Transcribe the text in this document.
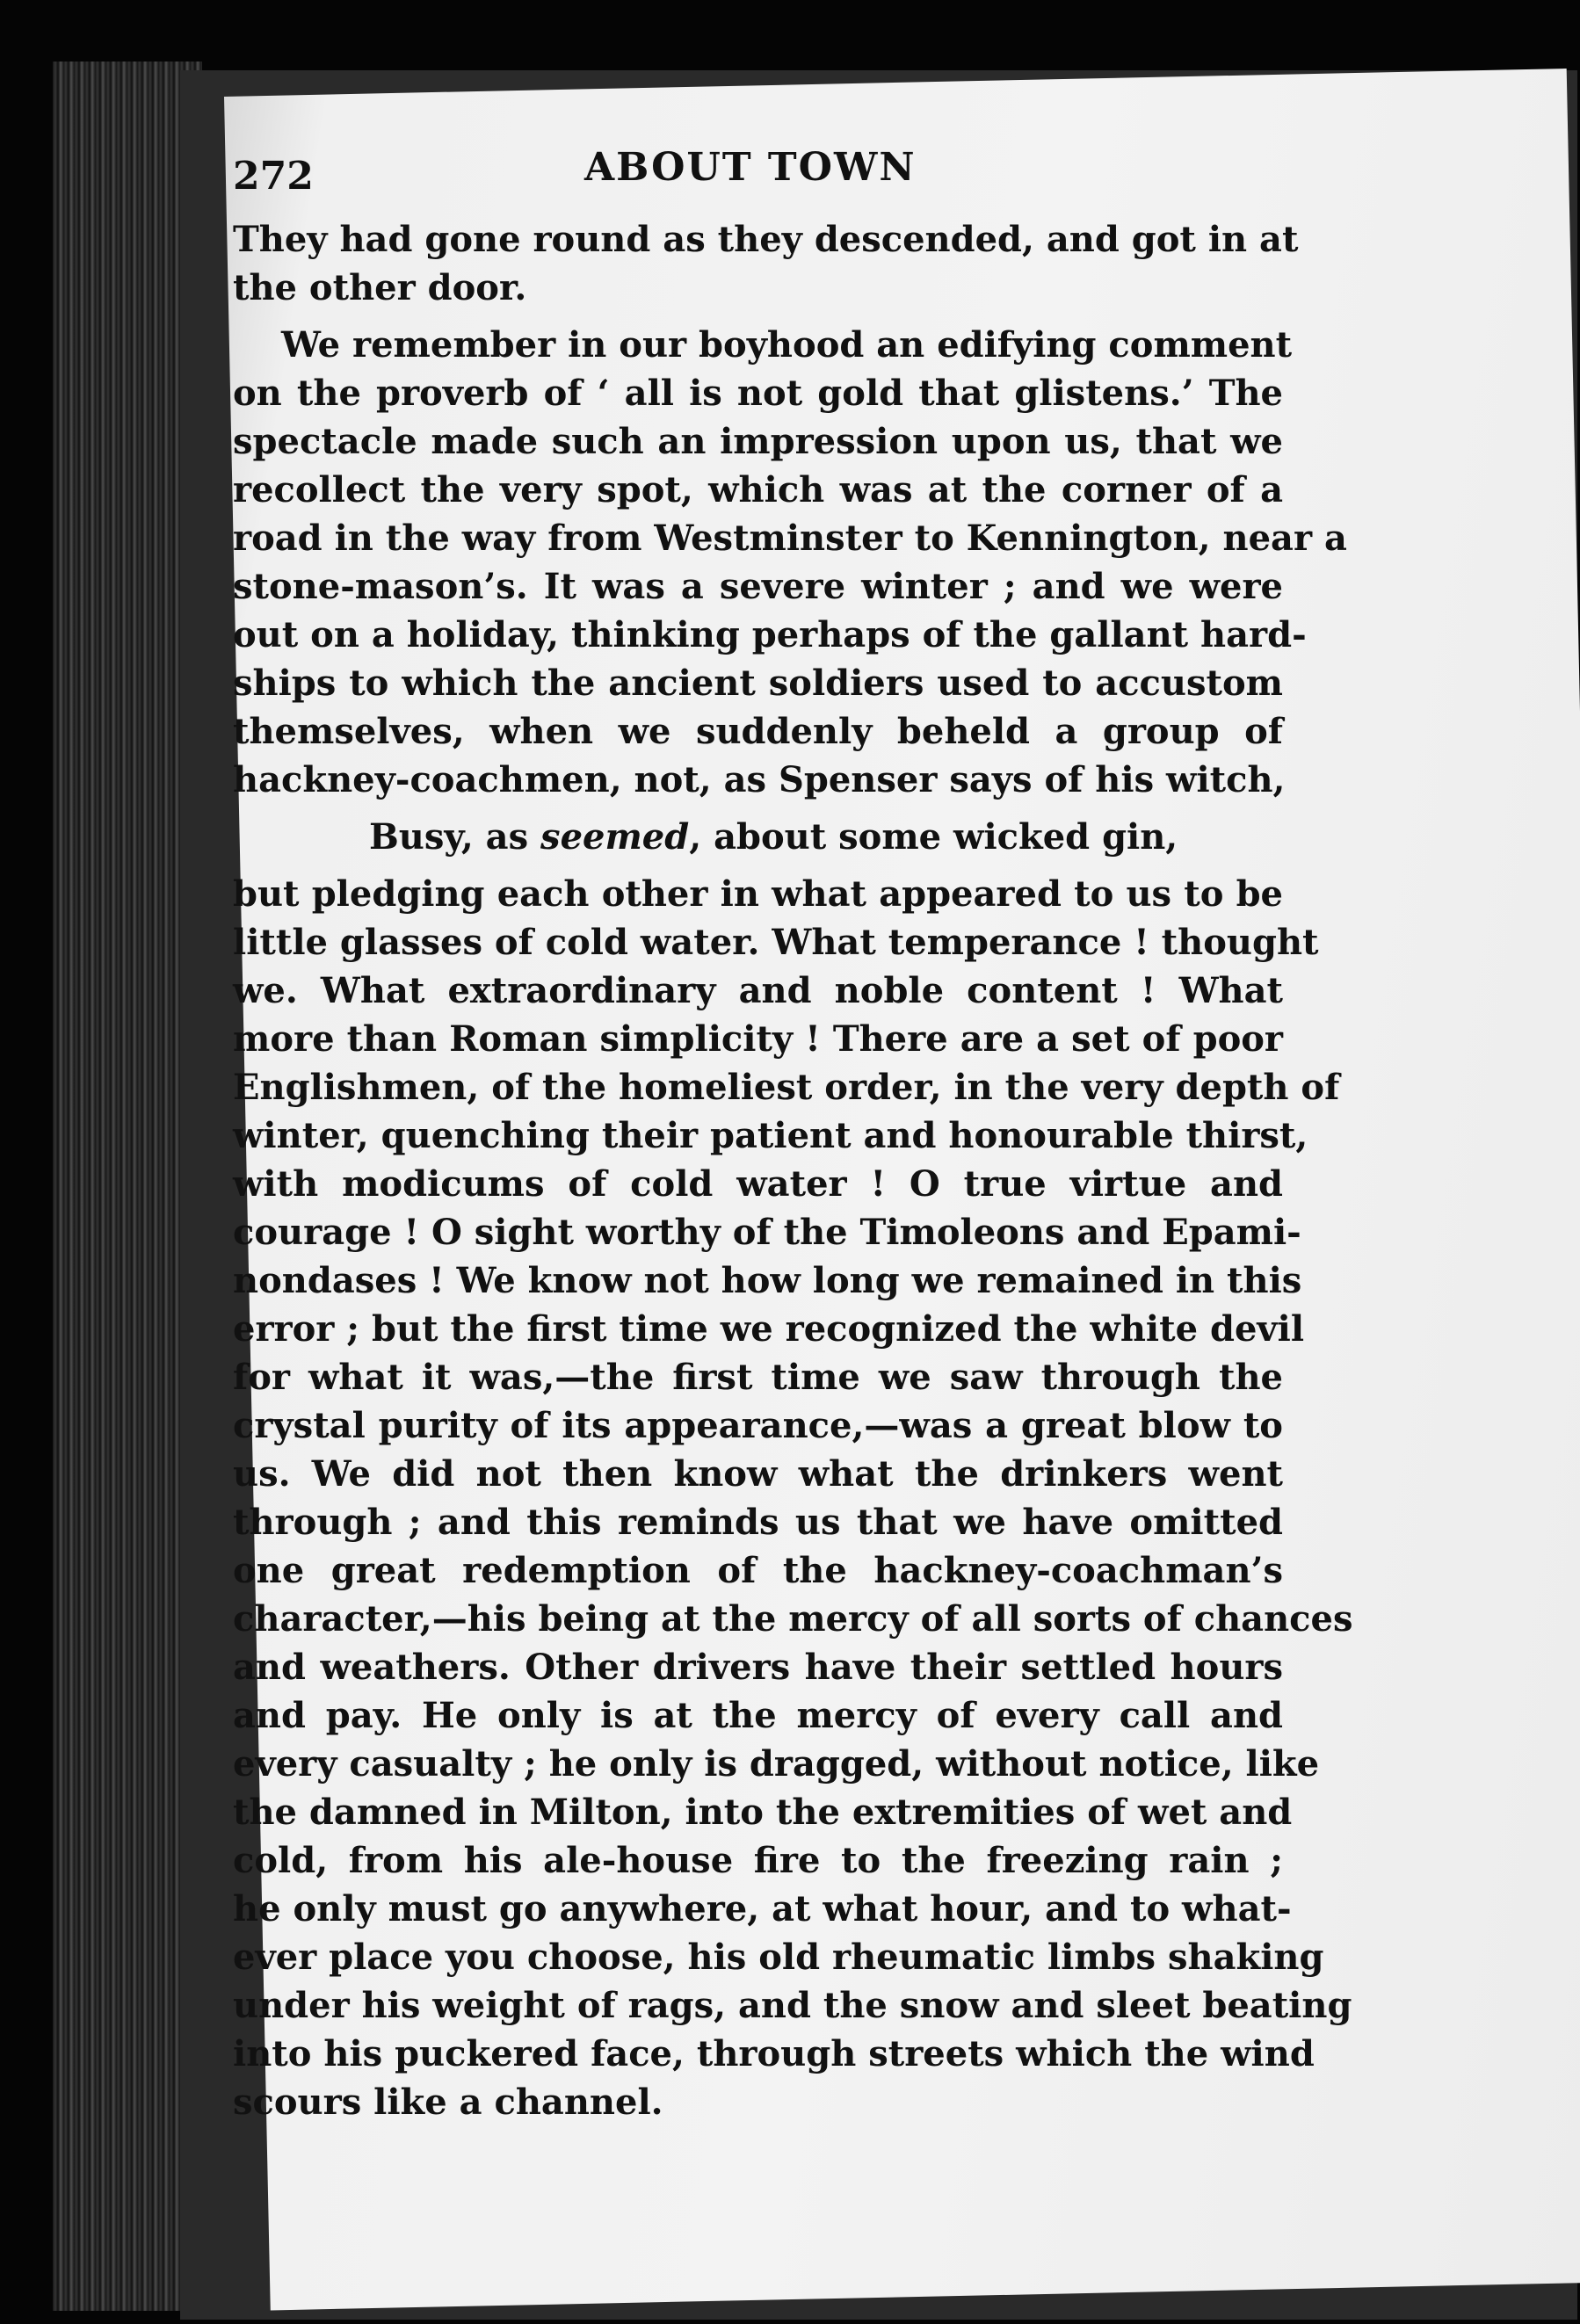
272	ABOUT TOWN
They had gone round as they descended, and got in at
the other door.
We remember in our boyhood an edifying comment
on the proverb of ‘ all is not gold that glistens.’ The
spectacle made such an impression upon us, that we
recollect the very spot, which was at the corner of a
road in the way from Westminster to Kennington, near a
stone-mason’s. It was a severe winter ; and we were
out on a holiday, thinking perhaps of the gallant hard-
ships to which the ancient soldiers used to accustom
themselves, when we suddenly beheld a group of
hackney-coachmen, not, as Spenser says of his witch,
Busy, as seemed, about some wicked gin,
but pledging each other in what appeared to us to be
little glasses of cold water. What temperance ! thought
we. What extraordinary and noble content ! What
more than Roman simplicity ! There are a set of poor
Englishmen, of the homeliest order, in the very depth of
winter, quenching their patient and honourable thirst,
with modicums of cold water ! O true virtue and
courage ! O sight worthy of the Timoleons and Epami-
nondases ! We know not how long we remained in this
error ; but the first time we recognized the white devil
for what it was,—the first time we saw through the
crystal purity of its appearance,—was a great blow to
us. We did not then know what the drinkers went
through ; and this reminds us that we have omitted
one great redemption of the hackney-coachman’s
character,—his being at the mercy of all sorts of chances
and weathers. Other drivers have their settled hours
and pay. He only is at the mercy of every call and
every casualty ; he only is dragged, without notice, like
the damned in Milton, into the extremities of wet and
cold, from his ale-house fire to the freezing rain ;
he only must go anywhere, at what hour, and to what-
ever place you choose, his old rheumatic limbs shaking
under his weight of rags, and the snow and sleet beating
into his puckered face, through streets which the wind
scours like a channel.
